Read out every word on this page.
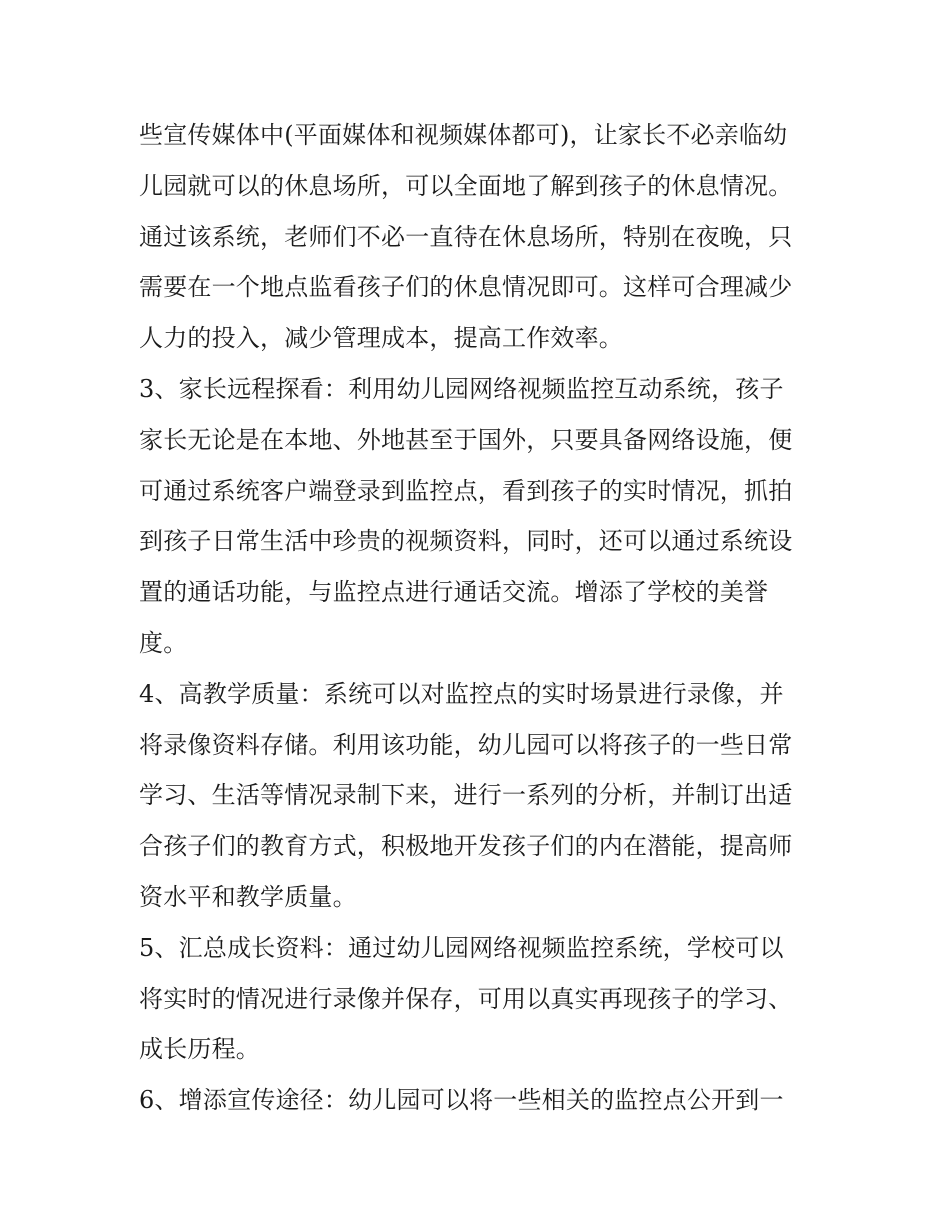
些宣传媒体中(平面媒体和视频媒体都可)，让家长不必亲临幼
儿园就可以的休息场所，可以全面地了解到孩子的休息情况。
通过该系统，老师们不必一直待在休息场所，特别在夜晚，只
需要在一个地点监看孩子们的休息情况即可。这样可合理减少
人力的投入，减少管理成本，提高工作效率。
3、家长远程探看：利用幼儿园网络视频监控互动系统，孩子
家长无论是在本地、外地甚至于国外，只要具备网络设施，便
可通过系统客户端登录到监控点，看到孩子的实时情况，抓拍
到孩子日常生活中珍贵的视频资料，同时，还可以通过系统设
置的通话功能，与监控点进行通话交流。增添了学校的美誉
度。
4、高教学质量：系统可以对监控点的实时场景进行录像，并
将录像资料存储。利用该功能，幼儿园可以将孩子的一些日常
学习、生活等情况录制下来，进行一系列的分析，并制订出适
合孩子们的教育方式，积极地开发孩子们的内在潜能，提高师
资水平和教学质量。
5、汇总成长资料：通过幼儿园网络视频监控系统，学校可以
将实时的情况进行录像并保存，可用以真实再现孩子的学习、
成长历程。
6、增添宣传途径：幼儿园可以将一些相关的监控点公开到一
